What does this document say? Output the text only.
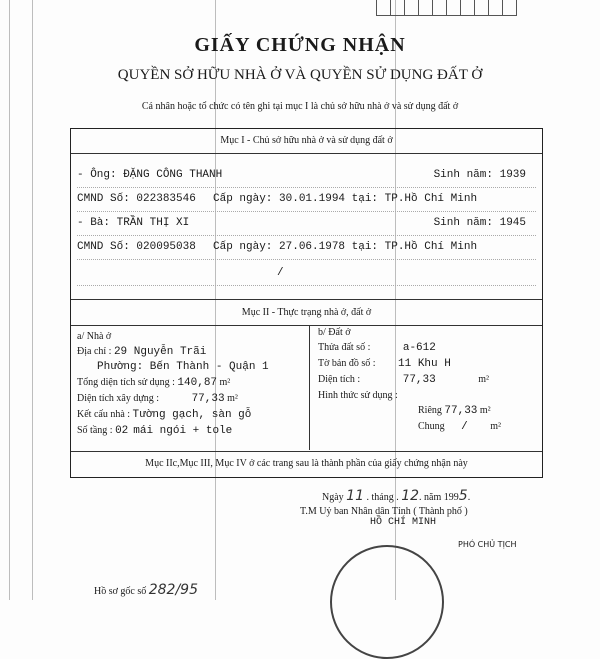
GIẤY CHỨNG NHẬN
QUYỀN SỞ HỮU NHÀ Ở VÀ QUYỀN SỬ DỤNG ĐẤT Ở
Cá nhân hoặc tổ chức có tên ghi tại mục I là chủ sở hữu nhà ở và sử dụng đất ở
Mục I - Chủ sở hữu nhà ở và sử dụng đất ở
- Ông: ĐẶNG CÔNG THANH	Sinh năm: 1939
CMND Số: 022383546 Cấp ngày: 30.01.1994 tại: TP.Hồ Chí Minh
- Bà: TRẦN THỊ XI	Sinh năm: 1945
CMND Số: 020095038 Cấp ngày: 27.06.1978 tại: TP.Hồ Chí Minh
/
Mục II - Thực trạng nhà ở, đất ở
a/ Nhà ở
Địa chỉ : 29 Nguyễn Trãi
Phường: Bến Thành - Quận 1
Tổng diện tích sử dụng : 140,87 m²
Diện tích xây dựng :	77,33 m²
Kết cấu nhà : Tường gạch, sàn gỗ
Số tầng : 02 mái ngói + tole
b/ Đất ở
Thửa đất số :	a-612
Tờ bản đồ số : 11 Khu H
Diện tích :	77,33	m²
Hình thức sử dụng :
Riêng 77,33 m²
Chung / m²
Mục IIc,Mục III, Mục IV ở các trang sau là thành phần của giấy chứng nhận này
Ngày 11 . tháng . 12. năm 1995.
T.M Uỷ ban Nhân dân Tỉnh ( Thành phố )
HỒ CHÍ MINH
PHÓ CHỦ TỊCH
Hồ sơ gốc số 282/95
